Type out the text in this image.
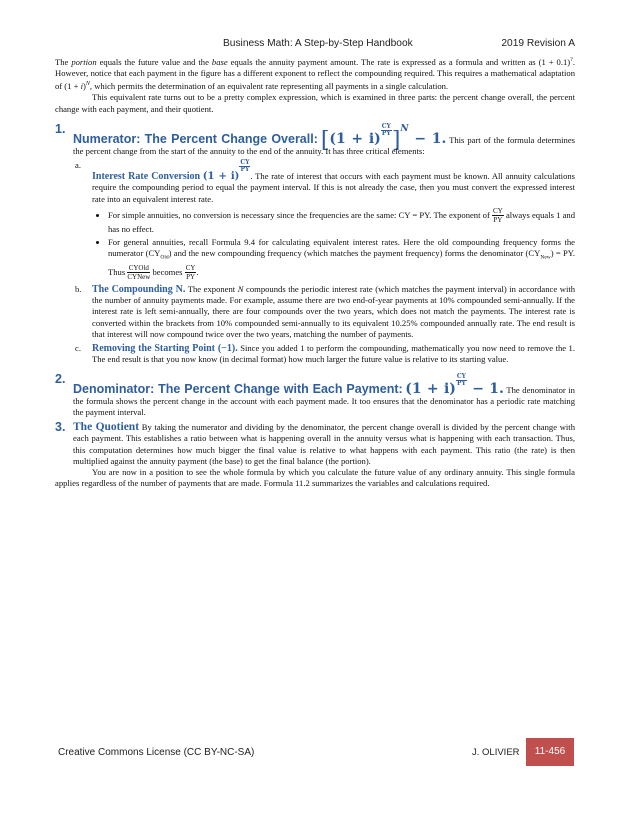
Business Math: A Step-by-Step Handbook	2019 Revision A

The portion equals the future value and the base equals the annuity payment amount. The rate is expressed as a formula and written as (1 + 0.1)?. However, notice that each payment in the figure has a different exponent to reflect the compounding required. This requires a mathematical adaptation of $(1 + i)^N$, which permits the determination of an equivalent rate representing all payments in a single calculation.

This equivalent rate turns out to be a pretty complex expression, which is examined in three parts: the percent change overall, the percent change with each payment, and their quotient.

1.

Numerator: The Percent Change Overall: [(1 + i)
$^{\frac{CY}{PY}}$ ]$^N$ − 1. This part of the formula determines the percent change from the start of the annuity to the end of the annuity. It has three critical elements:

a.

Interest Rate Conversion (1 + i)
$^{\frac{CY}{PY}}$
. The rate of interest that occurs with each payment must be known. All annuity calculations require the compounding period to equal the payment interval. If this is not already the case, then you must convert the expressed interest rate into an equivalent interest rate.

• For simple annuities, no conversion is necessary since the frequencies are the same: CY = PY. The exponent of $\frac{CY}{PY}$ always equals 1 and has no effect.
• For general annuities, recall Formula 9.4 for calculating equivalent interest rates. Here the old compounding frequency forms the numerator $(CY_{Old})$ and the new compounding frequency (which matches the payment frequency) forms the denominator $(CY_{New})$ = PY. Thus CYOld
CYNew becomes $\frac{CY}{PY}$ .
b. The Compounding N. The exponent N compounds the periodic interest rate (which matches the payment interval) in accordance with the number of annuity payments made. For example, assume there are two end-of-year payments at 10% compounded semi-annually. If the interest rate is left semi-annually, there are four compounds over the two years, which does not match the payments. The interest rate is converted within the brackets from 10% compounded semi-annually to its equivalent 10.25% compounded annually rate. The end result is that interest will now compound twice over the two years, matching the number of payments.

c. Removing the Starting Point (−1). Since you added 1 to perform the compounding, mathematically you now need to remove the 1. The end result is that you now know (in decimal format) how much larger the future value is relative to its starting value.

2.

Denominator: The Percent Change with Each Payment: (1 + i)
$^{\frac{CY}{PY}}$
− 1. The denominator in the formula shows the percent change in the account with each payment made. It too ensures that the denominator has a periodic rate matching the payment interval.

3. The Quotient By taking the numerator and dividing by the denominator, the percent change overall is divided by the percent change with each payment. This establishes a ratio between what is happening overall in the annuity versus what is happening with each transaction. Thus, this computation determines how much bigger the final value is relative to what happens with each payment. This ratio (the rate) is then multiplied against the annuity payment (the base) to get the final balance (the portion).

You are now in a position to see the whole formula by which you calculate the future value of any ordinary annuity. This single formula applies regardless of the number of payments that are made. Formula 11.2 summarizes the variables and calculations required.

Creative Commons License (CC BY-NC-SA)	J. OLIVIER	11-456
